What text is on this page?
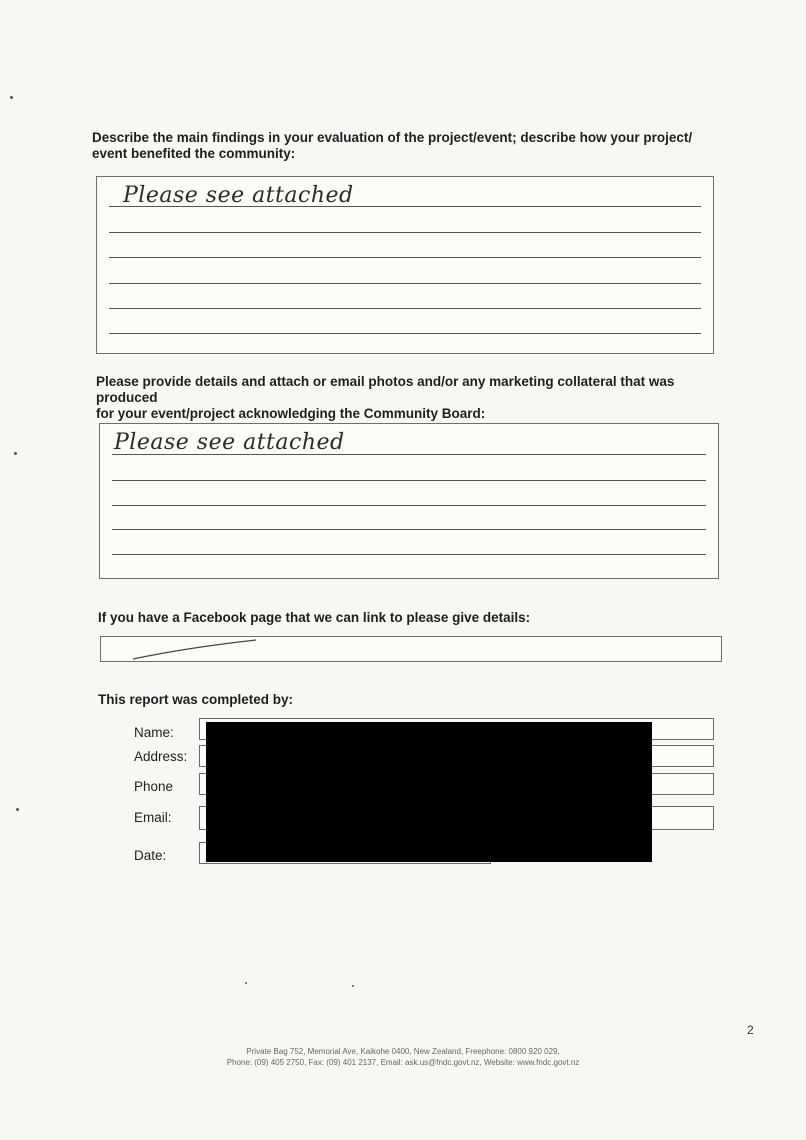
Describe the main findings in your evaluation of the project/event; describe how your project/
event benefited the community:
Please see attached
Please provide details and attach or email photos and/or any marketing collateral that was produced
for your event/project acknowledging the Community Board:
Please see attached
If you have a Facebook page that we can link to please give details:
This report was completed by:
Name:
Address:
Phone
Email:
Date:
2
Private Bag 752, Memorial Ave, Kaikohe 0400, New Zealand, Freephone: 0800 920 029,
Phone: (09) 405 2750, Fax: (09) 401 2137, Email: ask.us@fndc.govt.nz, Website: www.fndc.govt.nz
